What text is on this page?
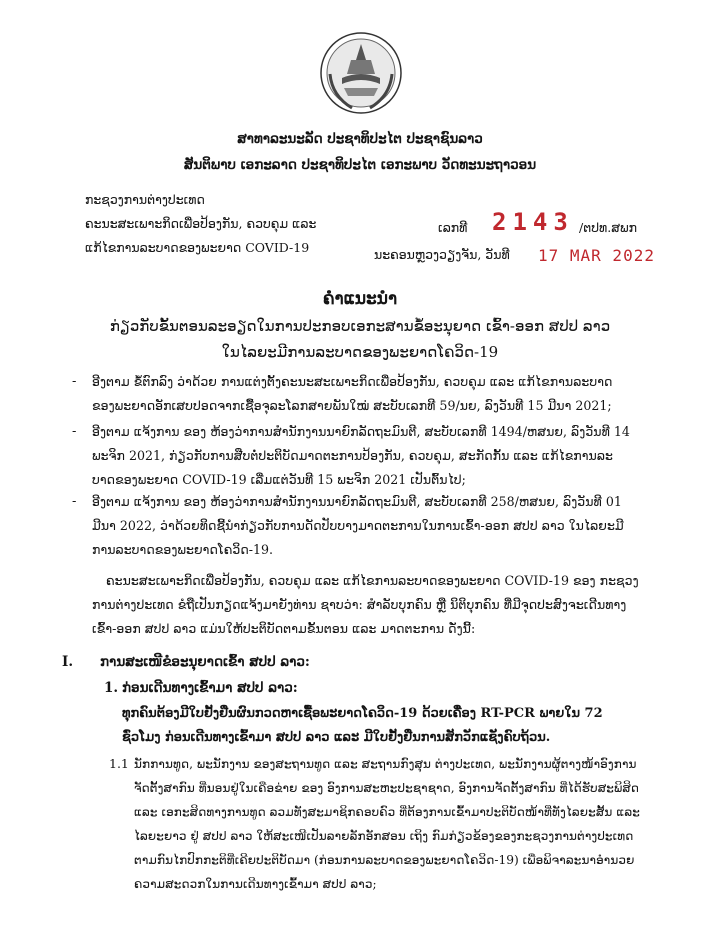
ສາທາລະນະລັດ ປະຊາທິປະໄຕ ປະຊາຊົນລາວ
ສັນຕິພາບ ເອກະລາດ ປະຊາທິປະໄຕ ເອກະພາບ ວັດທະນະຖາວອນ
ກະຊວງການຕ່າງປະເທດ
ຄະນະສະເພາະກິດເພື່ອປ້ອງກັນ, ຄວບຄຸມ ແລະ
ແກ້ໄຂການລະບາດຂອງພະຍາດ COVID-19
ເລກທີ 2143 /ຕປທ.ສພກ
ນະຄອນຫຼວງວຽງຈັນ, ວັນທີ 17 MAR 2022
ຄໍາແນະນໍາ
ກ່ຽວກັບຂັ້ນຕອນລະອຽດໃນການປະກອບເອກະສານຂໍ້ອະນຸຍາດ ເຂົ້າ-ອອກ ສປປ ລາວ
ໃນໄລຍະມີການລະບາດຂອງພະຍາດໂຄວິດ-19
- ອີງຕາມ ຂໍ້ຕົກລົງ ວ່າດ້ວຍ ການແຕ່ງຕັ້ງຄະນະສະເພາະກິດເພື່ອປ້ອງກັນ, ຄວບຄຸມ ແລະ ແກ້ໄຂການລະບາດ
ຂອງພະຍາດອັກເສບປອດຈາກເຊື້ອຈຸລະໂລກສາຍພັນໃໝ່ ສະບັບເລກທີ 59/ນຍ, ລົງວັນທີ 15 ມີນາ 2021;
- ອີງຕາມ ແຈ້ງການ ຂອງ ຫ້ອງວ່າການສໍານັກງານນາຍົກລັດຖະມົນຕີ, ສະບັບເລກທີ 1494/ຫສນຍ, ລົງວັນທີ 14
ພະຈິກ 2021, ກ່ຽວກັບການສືບຕໍ່ປະຕິບັດມາດຕະການປ້ອງກັນ, ຄວບຄຸມ, ສະກັດກັ້ນ ແລະ ແກ້ໄຂການລະ
ບາດຂອງພະຍາດ COVID-19 ເລີ່ມແຕ່ວັນທີ 15 ພະຈິກ 2021 ເປັນຕົ້ນໄປ;
- ອີງຕາມ ແຈ້ງການ ຂອງ ຫ້ອງວ່າການສໍານັກງານນາຍົກລັດຖະມົນຕີ, ສະບັບເລກທີ 258/ຫສນຍ, ລົງວັນທີ 01
ມີນາ 2022, ວ່າດ້ວຍທິດຊີ້ນໍາກ່ຽວກັບການດັດປັບບາງມາດຕະການໃນການເຂົ້າ-ອອກ ສປປ ລາວ ໃນໄລຍະມີ
ການລະບາດຂອງພະຍາດໂຄວິດ-19.
ຄະນະສະເພາະກິດເພື່ອປ້ອງກັນ, ຄວບຄຸມ ແລະ ແກ້ໄຂການລະບາດຂອງພະຍາດ COVID-19 ຂອງ ກະຊວງ
ການຕ່າງປະເທດ ຂໍຖືເປັນກຽດແຈ້ງມາຍັງທ່ານ ຊາບວ່າ: ສໍາລັບບຸກຄົນ ຫຼື ນິຕິບຸກຄົນ ທີ່ມີຈຸດປະສົງຈະເດີນທາງ
ເຂົ້າ-ອອກ ສປປ ລາວ ແມ່ນໃຫ້ປະຕິບັດຕາມຂັ້ນຕອນ ແລະ ມາດຕະການ ດັ່ງນີ້:
I. ການສະເໜີຂໍອະນຸຍາດເຂົ້າ ສປປ ລາວ:
1. ກ່ອນເດີນທາງເຂົ້າມາ ສປປ ລາວ:
ທຸກຄົນຕ້ອງມີໃບຢັ້ງຢືນຜົນກວດຫາເຊື້ອພະຍາດໂຄວິດ-19 ດ້ວຍເຄື່ອງ RT-PCR ພາຍໃນ 72
ຊົ່ວໂມງ ກ່ອນເດີນທາງເຂົ້າມາ ສປປ ລາວ ແລະ ມີໃບຢັ້ງຢືນການສັກວັກແຊັງຄົບຖ້ວນ.
1.1 ນັກການທູດ, ພະນັກງານ ຂອງສະຖານທູດ ແລະ ສະຖານກົງສຸນ ຕ່າງປະເທດ, ພະນັກງານຜູ້ຕາງໜ້າອົງການ
ຈັດຕັ້ງສາກົນ ທີ່ນອນຢູ່ໃນເຄືອຂ່າຍ ຂອງ ອົງການສະຫະປະຊາຊາດ, ອົງການຈັດຕັ້ງສາກົນ ທີ່ໄດ້ຮັບສະພິສິດ
ແລະ ເອກະສິດທາງການທູດ ລວມທັງສະມາຊິກຄອບຄົວ ທີ່ຕ້ອງການເຂົ້າມາປະຕິບັດໜ້າທີ່ທັງໄລຍະສັ້ນ ແລະ
ໄລຍະຍາວ ຢູ່ ສປປ ລາວ ໃຫ້ສະເໜີເປັນລາຍລັກອັກສອນ ເຖິງ ກົມກ່ຽວຂ້ອງຂອງກະຊວງການຕ່າງປະເທດ
ຕາມກົນໄກປົກກະຕິທີ່ເຄີຍປະຕິບັດມາ (ກ່ອນການລະບາດຂອງພະຍາດໂຄວິດ-19) ເພື່ອພິຈາລະນາອໍານວຍ
ຄວາມສະດວກໃນການເດີນທາງເຂົ້າມາ ສປປ ລາວ;
